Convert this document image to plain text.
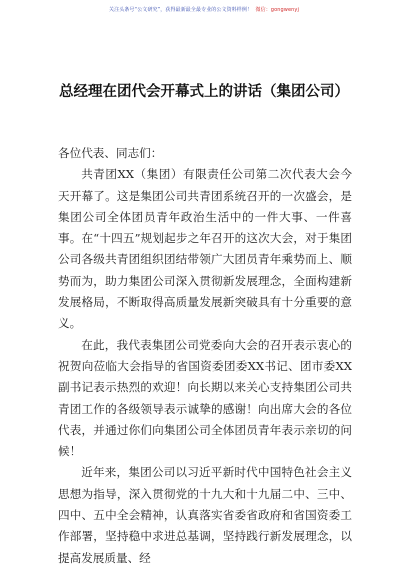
关注头条号“公文研究”，获得最新最全最专业的公文资料样例！ 微信：gongwenyj
总经理在团代会开幕式上的讲话（集团公司）

各位代表、同志们：

共青团XX（集团）有限责任公司第二次代表大会今天开幕了。这是集团公司共青团系统召开的一次盛会，是集团公司全体团员青年政治生活中的一件大事、一件喜事。在“十四五”规划起步之年召开的这次大会，对于集团公司各级共青团组织团结带领广大团员青年乘势而上、顺势而为，助力集团公司深入贯彻新发展理念，全面构建新发展格局，不断取得高质量发展新突破具有十分重要的意义。

在此，我代表集团公司党委向大会的召开表示衷心的祝贺向莅临大会指导的省国资委团委XX书记、团市委XX副书记表示热烈的欢迎！向长期以来关心支持集团公司共青团工作的各级领导表示诚挚的感谢！向出席大会的各位代表，并通过你们向集团公司全体团员青年表示亲切的问候！

近年来，集团公司以习近平新时代中国特色社会主义思想为指导，深入贯彻党的十九大和十九届二中、三中、四中、五中全会精神，认真落实省委省政府和省国资委工作部署，坚持稳中求进总基调，坚持践行新发展理念，以提高发展质量、经
